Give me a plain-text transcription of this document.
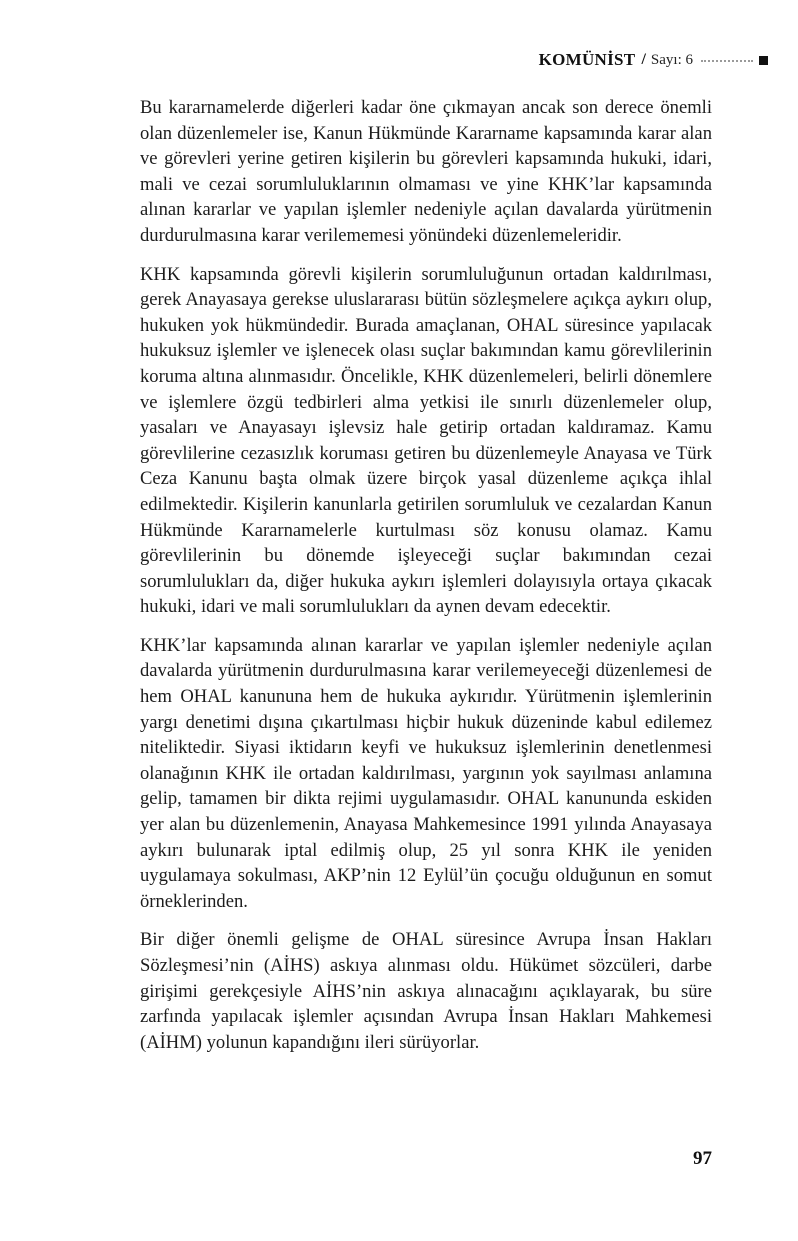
KOMÜNİST / Sayı: 6

Bu kararnamelerde diğerleri kadar öne çıkmayan ancak son derece önemli olan düzenlemeler ise, Kanun Hükmünde Kararname kapsamında karar alan ve görevleri yerine getiren kişilerin bu görevleri kapsamında hukuki, idari, mali ve cezai sorumluluklarının olmaması ve yine KHK’lar kapsamında alınan kararlar ve yapılan işlemler nedeniyle açılan davalarda yürütmenin durdurulmasına karar verilememesi yönündeki düzenlemeleridir.

KHK kapsamında görevli kişilerin sorumluluğunun ortadan kaldırılması, gerek Anayasaya gerekse uluslararası bütün sözleşmelere açıkça aykırı olup, hukuken yok hükmündedir. Burada amaçlanan, OHAL süresince yapılacak hukuksuz işlemler ve işlenecek olası suçlar bakımından kamu görevlilerinin koruma altına alınmasıdır. Öncelikle, KHK düzenlemeleri, belirli dönemlere ve işlemlere özgü tedbirleri alma yetkisi ile sınırlı düzenlemeler olup, yasaları ve Anayasayı işlevsiz hale getirip ortadan kaldıramaz. Kamu görevlilerine cezasızlık koruması getiren bu düzenlemeyle Anayasa ve Türk Ceza Kanunu başta olmak üzere birçok yasal düzenleme açıkça ihlal edilmektedir. Kişilerin kanunlarla getirilen sorumluluk ve cezalardan Kanun Hükmünde Kararnamelerle kurtulması söz konusu olamaz. Kamu görevlilerinin bu dönemde işleyeceği suçlar bakımından cezai sorumlulukları da, diğer hukuka aykırı işlemleri dolayısıyla ortaya çıkacak hukuki, idari ve mali sorumlulukları da aynen devam edecektir.

KHK’lar kapsamında alınan kararlar ve yapılan işlemler nedeniyle açılan davalarda yürütmenin durdurulmasına karar verilemeyeceği düzenlemesi de hem OHAL kanununa hem de hukuka aykırıdır. Yürütmenin işlemlerinin yargı denetimi dışına çıkartılması hiçbir hukuk düzeninde kabul edilemez niteliktedir. Siyasi iktidarın keyfi ve hukuksuz işlemlerinin denetlenmesi olanağının KHK ile ortadan kaldırılması, yargının yok sayılması anlamına gelip, tamamen bir dikta rejimi uygulamasıdır. OHAL kanununda eskiden yer alan bu düzenlemenin, Anayasa Mahkemesince 1991 yılında Anayasaya aykırı bulunarak iptal edilmiş olup, 25 yıl sonra KHK ile yeniden uygulamaya sokulması, AKP’nin 12 Eylül’ün çocuğu olduğunun en somut örneklerinden.

Bir diğer önemli gelişme de OHAL süresince Avrupa İnsan Hakları Sözleşmesi’nin (AİHS) askıya alınması oldu. Hükümet sözcüleri, darbe girişimi gerekçesiyle AİHS’nin askıya alınacağını açıklayarak, bu süre zarfında yapılacak işlemler açısından Avrupa İnsan Hakları Mahkemesi (AİHM) yolunun kapandığını ileri sürüyorlar.

97
